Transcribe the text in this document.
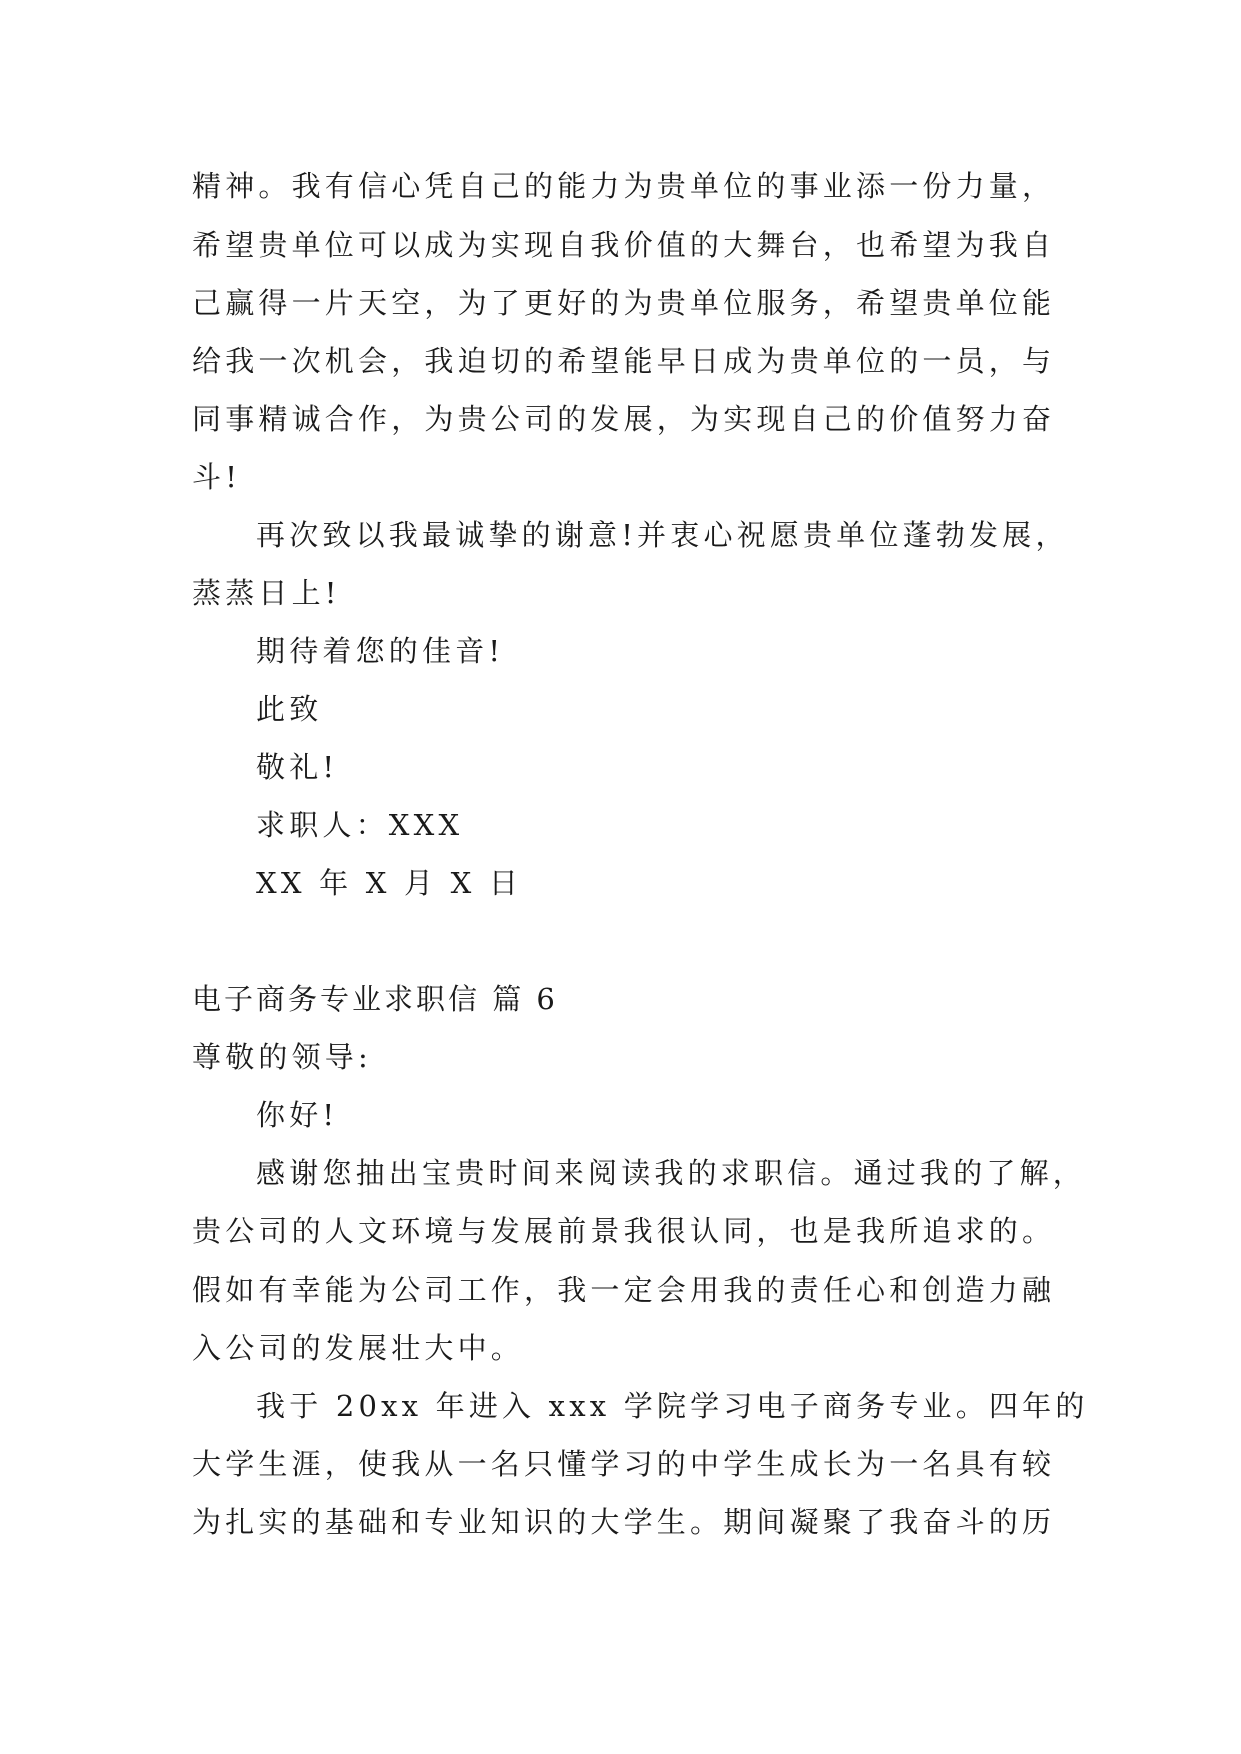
精神。我有信心凭自己的能力为贵单位的事业添一份力量，

希望贵单位可以成为实现自我价值的大舞台，也希望为我自

己赢得一片天空，为了更好的为贵单位服务，希望贵单位能

给我一次机会，我迫切的希望能早日成为贵单位的一员，与

同事精诚合作，为贵公司的发展，为实现自己的价值努力奋

斗!

再次致以我最诚挚的谢意!并衷心祝愿贵单位蓬勃发展，

蒸蒸日上!

期待着您的佳音!

此致

敬礼!

求职人：XXX

XX 年 X 月 X 日

电子商务专业求职信 篇 6

尊敬的领导:

你好!

感谢您抽出宝贵时间来阅读我的求职信。通过我的了解，

贵公司的人文环境与发展前景我很认同，也是我所追求的。

假如有幸能为公司工作，我一定会用我的责任心和创造力融

入公司的发展壮大中。

我于 20xx 年进入 xxx 学院学习电子商务专业。四年的

大学生涯，使我从一名只懂学习的中学生成长为一名具有较

为扎实的基础和专业知识的大学生。期间凝聚了我奋斗的历
